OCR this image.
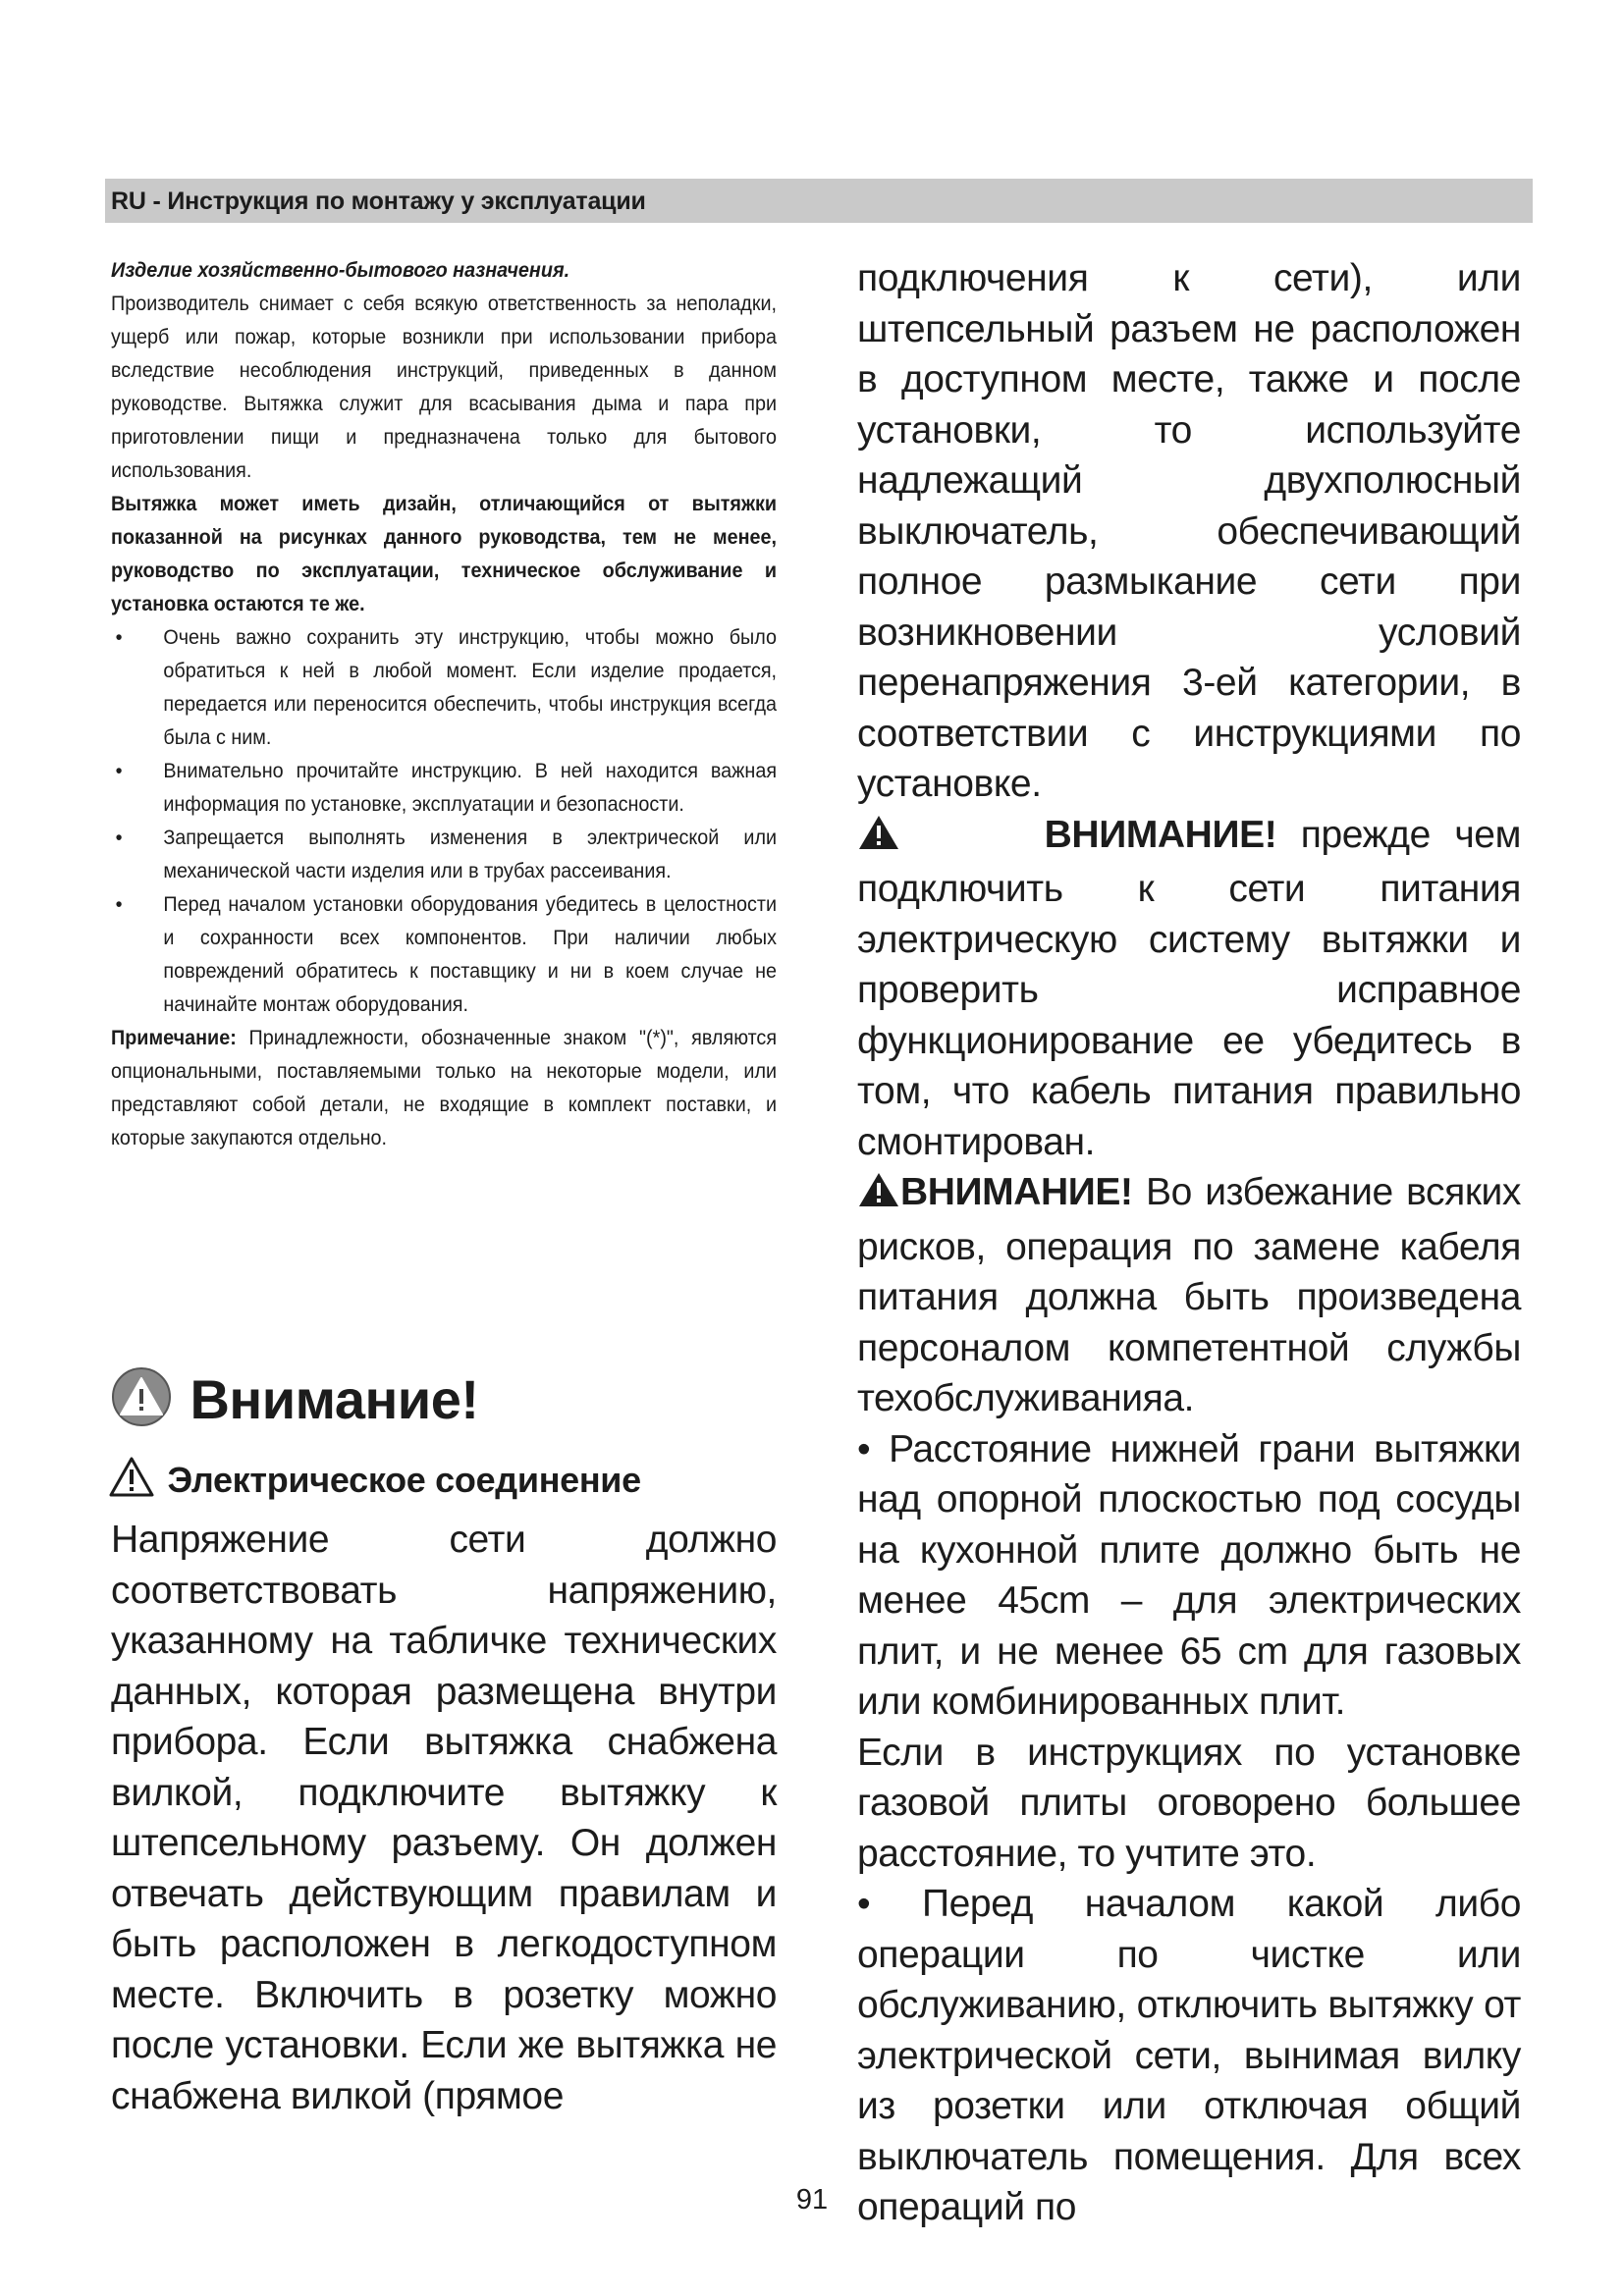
RU - Инструкция по монтажу у эксплуатации

Изделие хозяйственно-бытового назначения.
Производитель снимает с себя всякую ответственность за неполадки, ущерб или пожар, которые возникли при использовании прибора вследствие несоблюдения инструкций, приведенных в данном руководстве. Вытяжка служит для всасывания дыма и пара при приготовлении пищи и предназначена только для бытового использования.

Вытяжка может иметь дизайн, отличающийся от вытяжки показанной на рисунках данного руководства, тем не менее, руководство по эксплуатации, техническое обслуживание и установка остаются те же.

• Очень важно сохранить эту инструкцию, чтобы можно было обратиться к ней в любой момент. Если изделие продается, передается или переносится обеспечить, чтобы инструкция всегда была с ним.
• Внимательно прочитайте инструкцию. В ней находится важная информация по установке, эксплуатации и безопасности.
• Запрещается выполнять изменения в электрической или механической части изделия или в трубах рассеивания.
• Перед началом установки оборудования убедитесь в целостности и сохранности всех компонентов. При наличии любых повреждений обратитесь к поставщику и ни в коем случае не начинайте монтаж оборудования.

Примечание: Принадлежности, обозначенные знаком "(*)", являются опциональными, поставляемыми только на некоторые модели, или представляют собой детали, не входящие в комплект поставки, и которые закупаются отдельно.

Внимание!
Электрическое соединение

Напряжение сети должно соответствовать напряжению, указанному на табличке технических данных, которая размещена внутри прибора. Если вытяжка снабжена вилкой, подключите вытяжку к штепсельному разъему. Он должен отвечать действующим правилам и быть расположен в легкодоступном месте. Включить в розетку можно после установки. Если же вытяжка не снабжена вилкой (прямое

подключения к сети), или штепсельный разъем не расположен в доступном месте, также и после установки, то используйте надлежащий двухполюсный выключатель, обеспечивающий полное размыкание сети при возникновении условий перенапряжения 3-ей категории, в соответствии с инструкциями по установке.

ВНИМАНИЕ! прежде чем подключить к сети питания электрическую систему вытяжки и проверить исправное функционирование ее убедитесь в том, что кабель питания правильно смонтирован.

ВНИМАНИЕ! Во избежание всяких рисков, операция по замене кабеля питания должна быть произведена персоналом компетентной службы техобслуживанияа.

• Расстояние нижней грани вытяжки над опорной плоскостью под сосуды на кухонной плите должно быть не менее 45cm – для электрических плит, и не менее 65 cm для газовых или комбинированных плит.

Если в инструкциях по установке газовой плиты оговорено большее расстояние, то учтите это.

• Перед началом какой либо операции по чистке или обслуживанию, отключить вытяжку от электрической сети, вынимая вилку из розетки или отключая общий выключатель помещения. Для всех операций по

91
